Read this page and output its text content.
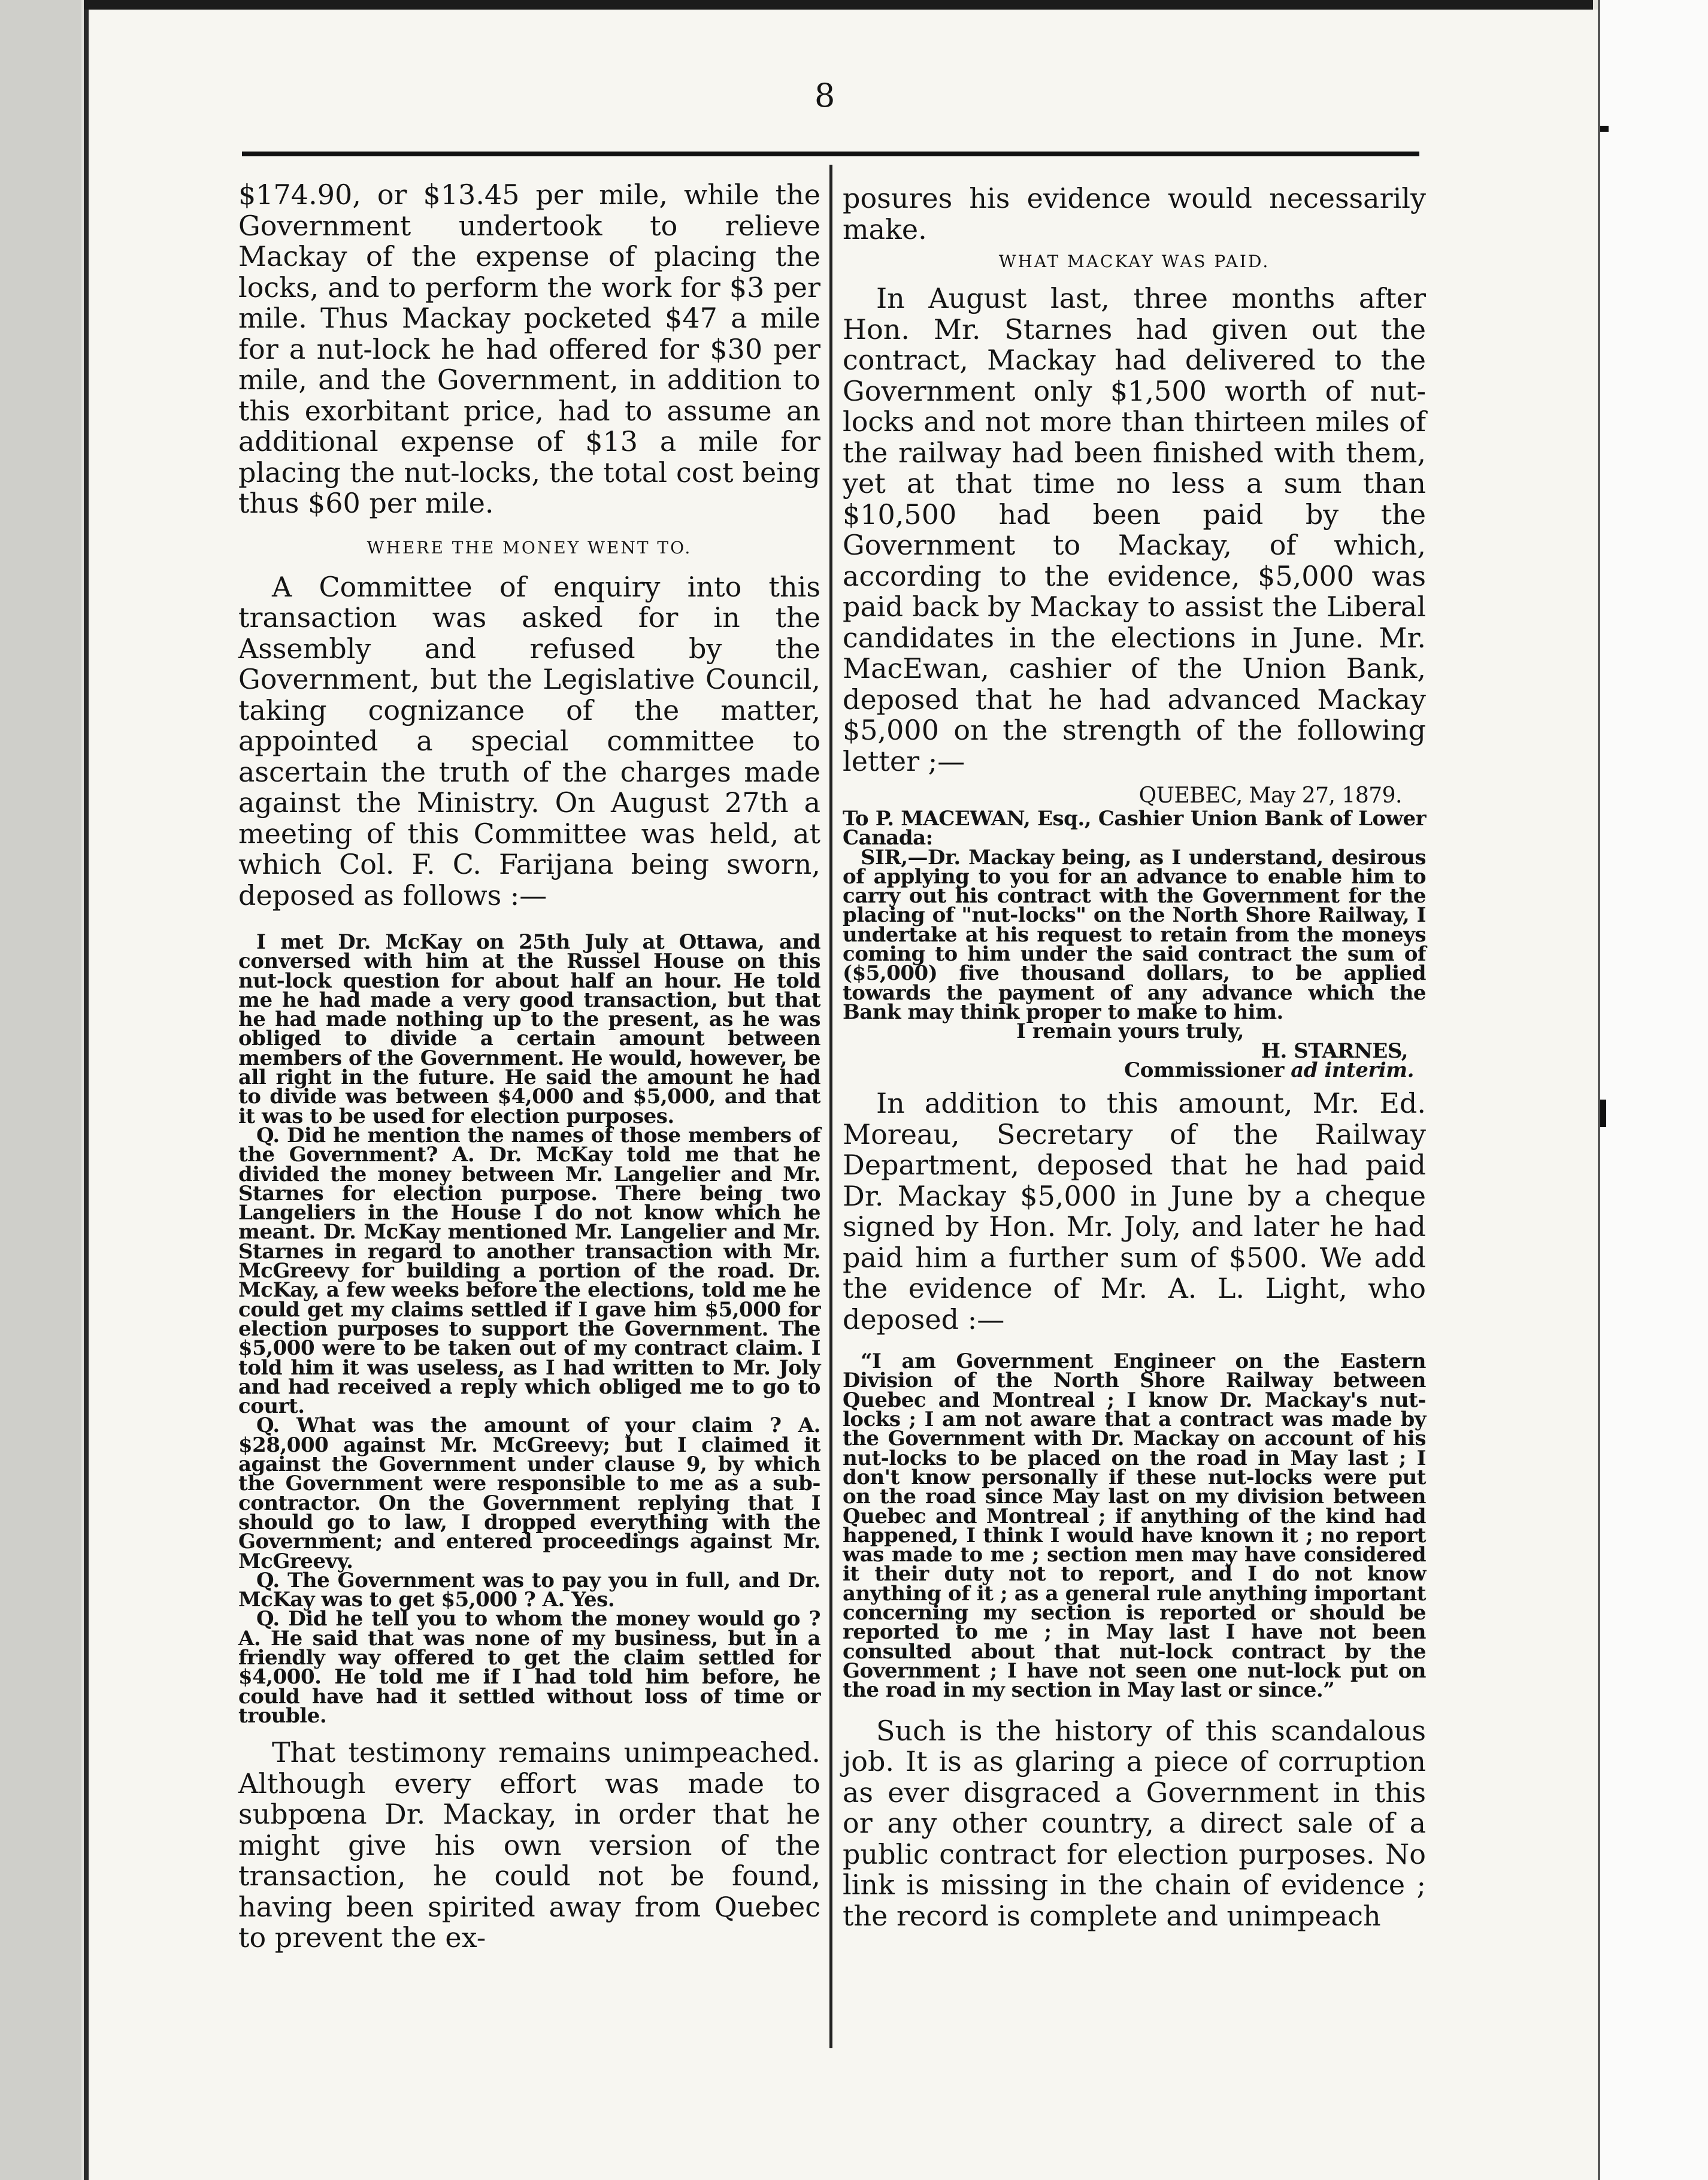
8

$174.90, or $13.45 per mile, while the Government undertook to relieve Mackay of the expense of placing the locks, and to perform the work for $3 per mile. Thus Mackay pocketed $47 a mile for a nut-lock he had offered for $30 per mile, and the Government, in addition to this exorbitant price, had to assume an additional expense of $13 a mile for placing the nut-locks, the total cost being thus $60 per mile.

WHERE THE MONEY WENT TO.

A Committee of enquiry into this transaction was asked for in the Assembly and refused by the Government, but the Legislative Council, taking cognizance of the matter, appointed a special committee to ascertain the truth of the charges made against the Ministry. On August 27th a meeting of this Committee was held, at which Col. F. C. Farijana being sworn, deposed as follows :—

I met Dr. McKay on 25th July at Ottawa, and conversed with him at the Russel House on this nut-lock question for about half an hour. He told me he had made a very good transaction, but that he had made nothing up to the present, as he was obliged to divide a certain amount between members of the Government. He would, however, be all right in the future. He said the amount he had to divide was between $4,000 and $5,000, and that it was to be used for election purposes.

Q. Did he mention the names of those members of the Government? A. Dr. McKay told me that he divided the money between Mr. Langelier and Mr. Starnes for election purpose. There being two Langeliers in the House I do not know which he meant. Dr. McKay mentioned Mr. Langelier and Mr. Starnes in regard to another transaction with Mr. McGreevy for building a portion of the road. Dr. McKay, a few weeks before the elections, told me he could get my claims settled if I gave him $5,000 for election purposes to support the Government. The $5,000 were to be taken out of my contract claim. I told him it was useless, as I had written to Mr. Joly and had received a reply which obliged me to go to court.

Q. What was the amount of your claim ? A. $28,000 against Mr. McGreevy; but I claimed it against the Government under clause 9, by which the Government were responsible to me as a sub-contractor. On the Government replying that I should go to law, I dropped everything with the Government; and entered proceedings against Mr. McGreevy.

Q. The Government was to pay you in full, and Dr. McKay was to get $5,000 ? A. Yes.

Q. Did he tell you to whom the money would go ? A. He said that was none of my business, but in a friendly way offered to get the claim settled for $4,000. He told me if I had told him before, he could have had it settled without loss of time or trouble.

That testimony remains unimpeached. Although every effort was made to subpœna Dr. Mackay, in order that he might give his own version of the transaction, he could not be found, having been spirited away from Quebec to prevent the ex-

posures his evidence would necessarily make.

WHAT MACKAY WAS PAID.

In August last, three months after Hon. Mr. Starnes had given out the contract, Mackay had delivered to the Government only $1,500 worth of nut-locks and not more than thirteen miles of the railway had been finished with them, yet at that time no less a sum than $10,500 had been paid by the Government to Mackay, of which, according to the evidence, $5,000 was paid back by Mackay to assist the Liberal candidates in the elections in June. Mr. MacEwan, cashier of the Union Bank, deposed that he had advanced Mackay $5,000 on the strength of the following letter ;—

QUEBEC, May 27, 1879.

To P. MACEWAN, Esq., Cashier Union Bank of Lower Canada:

SIR,—Dr. Mackay being, as I understand, desirous of applying to you for an advance to enable him to carry out his contract with the Government for the placing of "nut-locks" on the North Shore Railway, I undertake at his request to retain from the moneys coming to him under the said contract the sum of ($5,000) five thousand dollars, to be applied towards the payment of any advance which the Bank may think proper to make to him.

I remain yours truly,

H. STARNES,

Commissioner ad interim.

In addition to this amount, Mr. Ed. Moreau, Secretary of the Railway Department, deposed that he had paid Dr. Mackay $5,000 in June by a cheque signed by Hon. Mr. Joly, and later he had paid him a further sum of $500. We add the evidence of Mr. A. L. Light, who deposed :—

“I am Government Engineer on the Eastern Division of the North Shore Railway between Quebec and Montreal ; I know Dr. Mackay's nut-locks ; I am not aware that a contract was made by the Government with Dr. Mackay on account of his nut-locks to be placed on the road in May last ; I don't know personally if these nut-locks were put on the road since May last on my division between Quebec and Montreal ; if anything of the kind had happened, I think I would have known it ; no report was made to me ; section men may have considered it their duty not to report, and I do not know anything of it ; as a general rule anything important concerning my section is reported or should be reported to me ; in May last I have not been consulted about that nut-lock contract by the Government ; I have not seen one nut-lock put on the road in my section in May last or since.”

Such is the history of this scandalous job. It is as glaring a piece of corruption as ever disgraced a Government in this or any other country, a direct sale of a public contract for election purposes. No link is missing in the chain of evidence ; the record is complete and unimpeach
